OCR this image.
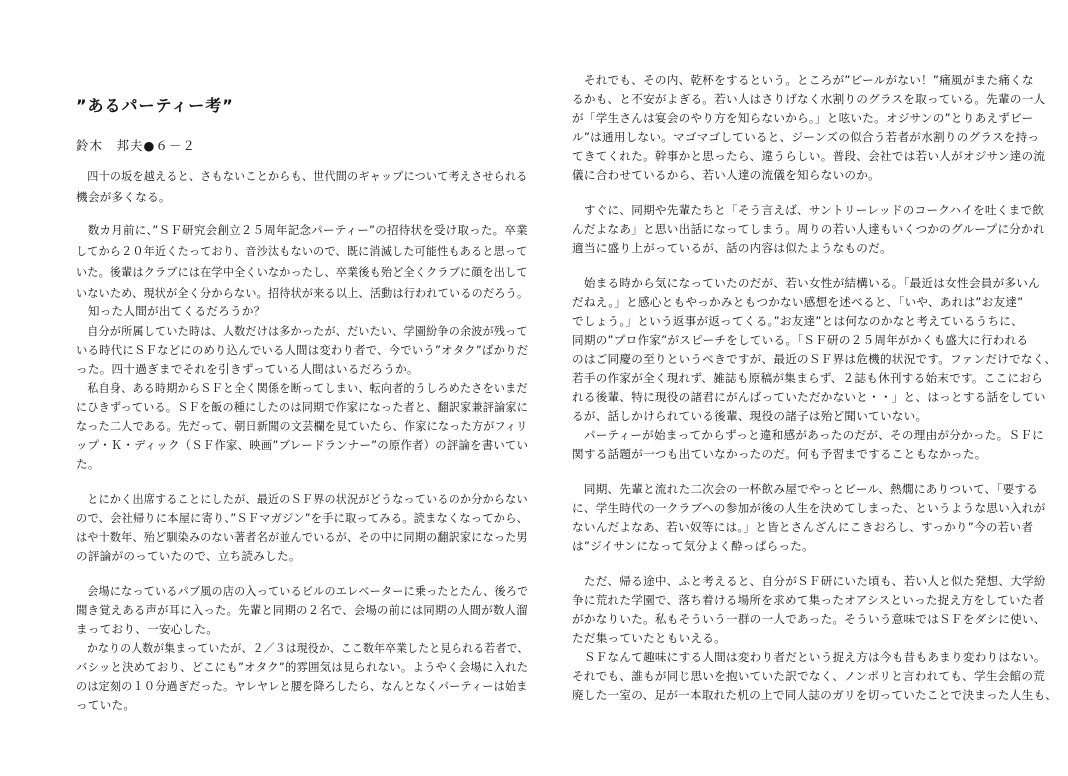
”あるパーティー考”
鈴木　邦夫●６－２

　四十の坂を越えると、さもないことからも、世代間のギャップについて考えさせられる

機会が多くなる。

　数カ月前に、”ＳＦ研究会創立２５周年記念パーティー”の招待状を受け取った。卒業

してから２０年近くたっており、音沙汰もないので、既に消滅した可能性もあると思って

いた。後輩はクラブには在学中全くいなかったし、卒業後も殆ど全くクラブに顔を出して

いないため、現状が全く分からない。招待状が来る以上、活動は行われているのだろう。

　知った人間が出てくるだろうか？

　自分が所属していた時は、人数だけは多かったが、だいたい、学園紛争の余波が残って

いる時代にＳＦなどにのめり込んでいる人間は変わり者で、今でいう”オタク”ばかりだ

った。四十過ぎまでそれを引きずっている人間はいるだろうか。

　私自身、ある時期からＳＦと全く関係を断ってしまい、転向者的うしろめたさをいまだ

にひきずっている。ＳＦを飯の種にしたのは同期で作家になった者と、翻訳家兼評論家に

なった二人である。先だって、朝日新聞の文芸欄を見ていたら、作家になった方がフィリ

ップ・Ｋ・ディック（ＳＦ作家、映画”ブレードランナー”の原作者）の評論を書いてい

た。

　とにかく出席することにしたが、最近のＳＦ界の状況がどうなっているのか分からない

ので、会社帰りに本屋に寄り、”ＳＦマガジン”を手に取ってみる。読まなくなってから、

はや十数年、殆ど馴染みのない著者名が並んでいるが、その中に同期の翻訳家になった男

の評論がのっていたので、立ち読みした。

　会場になっているパブ風の店の入っているビルのエレベーターに乗ったとたん、後ろで

聞き覚えある声が耳に入った。先輩と同期の２名で、会場の前には同期の人間が数人溜

まっており、一安心した。

　かなりの人数が集まっていたが、２／３は現役か、ここ数年卒業したと見られる若者で、

バシッと決めており、どこにも”オタク”的雰囲気は見られない。ようやく会場に入れた

のは定刻の１０分過ぎだった。ヤレヤレと腰を降ろしたら、なんとなくパーティーは始ま

っていた。

　それでも、その内、乾杯をするという。ところが”ビールがない！”痛風がまた痛くな

るかも、と不安がよぎる。若い人はさりげなく水割りのグラスを取っている。先輩の一人

が「学生さんは宴会のやり方を知らないから。」と呟いた。オジサンの”とりあえずビー

ル”は通用しない。マゴマゴしていると、ジーンズの似合う若者が水割りのグラスを持っ

てきてくれた。幹事かと思ったら、違うらしい。普段、会社では若い人がオジサン達の流

儀に合わせているから、若い人達の流儀を知らないのか。

　すぐに、同期や先輩たちと「そう言えば、サントリーレッドのコークハイを吐くまで飲

んだよなあ」と思い出話になってしまう。周りの若い人達もいくつかのグループに分かれ

適当に盛り上がっているが、話の内容は似たようなものだ。

　始まる時から気になっていたのだが、若い女性が結構いる。「最近は女性会員が多いん

だねえ。」と感心ともやっかみともつかない感想を述べると、「いや、あれは”お友達”

でしょう。」という返事が返ってくる。”お友達”とは何なのかなと考えているうちに、

同期の”プロ作家”がスピーチをしている。「ＳＦ研の２５周年がかくも盛大に行われる

のはご同慶の至りというべきですが、最近のＳＦ界は危機的状況です。ファンだけでなく、

若手の作家が全く現れず、雑誌も原稿が集まらず、２誌も休刊する始末です。ここにおら

れる後輩、特に現役の諸君にがんばっていただかないと・・」と、はっとする話をしてい

るが、話しかけられている後輩、現役の諸子は殆ど聞いていない。

　パーティーが始まってからずっと違和感があったのだが、その理由が分かった。ＳＦに

関する話題が一つも出ていなかったのだ。何も予習まですることもなかった。

　同期、先輩と流れた二次会の一杯飲み屋でやっとビール、熱燗にありついて、「要する

に、学生時代の一クラブへの参加が後の人生を決めてしまった、というような思い入れが

ないんだよなあ、若い奴等には。」と皆とさんざんにこきおろし、すっかり”今の若い者

は”ジイサンになって気分よく酔っぱらった。

　ただ、帰る途中、ふと考えると、自分がＳＦ研にいた頃も、若い人と似た発想、大学紛

争に荒れた学園で、落ち着ける場所を求めて集ったオアシスといった捉え方をしていた者

がかなりいた。私もそういう一群の一人であった。そういう意味ではＳＦをダシに使い、

ただ集っていたともいえる。

　ＳＦなんて趣味にする人間は変わり者だという捉え方は今も昔もあまり変わりはない。

それでも、誰もが同じ思いを抱いていた訳でなく、ノンポリと言われても、学生会館の荒

廃した一室の、足が一本取れた机の上で同人誌のガリを切っていたことで決まった人生も、
